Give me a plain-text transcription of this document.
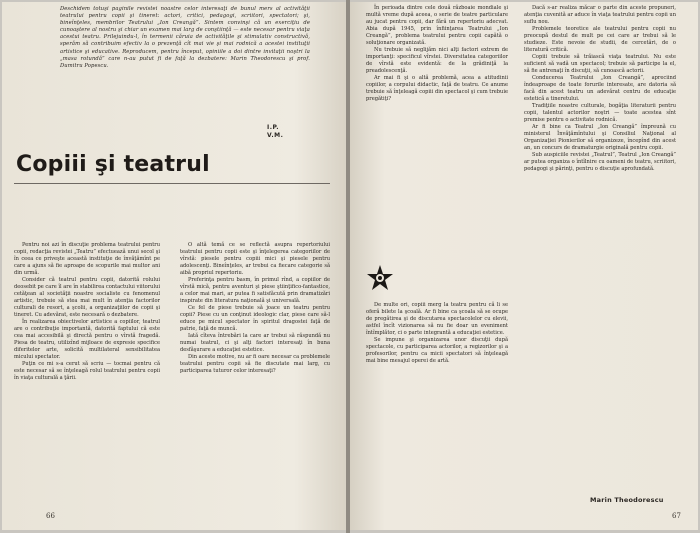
Deschidem totuşi paginile revistei noastre celor interesaţi de bunul mers al activităţii teatrului pentru copii şi tineret: actori, critici, pedagogi, scriitori, spectatori; şi, bineînţeles, membrilor Teatrului „Ion Creangă”. Sintem convinşi că un exerciţiu de cunoaştere al nostru şi chiar un examen mai larg de conştiinţă — este necesar pentru viaţa acestui teatru. Prilejuindu-l, în termenii căruia de activităţile şi stimulativ constructivă, sperăm să contribuim efectiv la o prezenţă cît mai vie şi mai rodnică a acestei instituţii artistice şi educative. Reproducem, pentru început, opiniile a doi dintre invitaţii noştri la „masa rotundă” care n-au putut fi de faţă la dezbatere: Marin Theodorescu şi prof. Dumitru Popescu.

I.P.
V.M.
Copiii şi teatrul

Pentru noi azi în discuţie problema teatrului pentru copii, redacţia revistei „Teatru” efectuează unui secol şi în ceea ce priveşte această instituţie de învăţămînt pe care a ajuns să fie aproape de scopurile mai multor ani din urmă.

Consider că teatrul pentru copii, datorită rolului deosebit pe care îl are în stabilirea contactului viitorului cetăţean al societăţii noastre socialiste cu fenomenul artistic, trebuie să stea mai mult în atenţia factorilor culturali de resort, a şcolii, a organizaţiilor de copii şi tineret. Cu adevărat, este necesară o dezbatere.

În realizarea obiectivelor artistice a copiilor, teatrul are o contribuţie importantă, datorită faptului că este cea mai accesibilă şi directă pentru o vîrstă fragedă. Piesa de teatru, utilizînd mijloace de expresie specifice diferitelor arte, solicită multilateral sensibilitatea micului spectator.

Puţin ce mi s-a cerut să scriu — tocmai pentru că este necesar să se înţeleagă rolul teatrului pentru copii în viaţa culturală a ţării.

O altă temă ce se reflectă asupra repertoriului teatrului pentru copii este şi înţelegerea categoriilor de vîrstă: piesele pentru copiii mici şi piesele pentru adolescenţi. Bineînţeles, ar trebui ca fiecare categorie să aibă propriul repertoriu.

Preferinţa pentru basm, în primul rînd, a copiilor de vîrstă mică, pentru aventuri şi piese ştiinţifico-fantastice, a celor mai mari, ar putea fi satisfăcută prin dramatizări inspirate din literatura naţională şi universală.

Ce fel de piese trebuie să joace un teatru pentru copii? Piese cu un conţinut ideologic clar, piese care să-l educe pe micul spectator în spiritul dragostei faţă de patrie, faţă de muncă.

Iată cîteva întrebări la care ar trebui să răspundă nu numai teatrul, ci şi alţi factori interesaţi în buna desfăşurare a educaţiei estetice.

Din aceste motive, nu ar fi oare necesar ca problemele teatrului pentru copii să fie discutate mai larg, cu participarea tuturor celor interesaţi?

66

În perioada dintre cele două războaie mondiale şi multă vreme după aceea, o serie de teatre particulare au jucat pentru copii, dar fără un repertoriu adecvat. Abia după 1945, prin înfiinţarea Teatrului „Ion Creangă”, problema teatrului pentru copii capătă o soluţionare organizată.

Nu trebuie să neglijăm nici alţi factori extrem de importanţi: specificul vîrstei. Diversitatea categoriilor de vîrstă este evidentă: de la grădiniţă la preadolescenţă.

Ar mai fi şi o altă problemă, acea a atitudinii copiilor, a corpului didactic, faţă de teatru. Ce anume trebuie să înţeleagă copiii din spectacol şi cum trebuie pregătiţi?

De multe ori, copiii merg la teatru pentru că li se oferă bilete la şcoală. Ar fi bine ca şcoala să se ocupe de pregătirea şi de discutarea spectacolelor cu elevii, astfel încît vizionarea să nu fie doar un eveniment întîmplător, ci o parte integrantă a educaţiei estetice.

Se impune şi organizarea unor discuţii după spectacole, cu participarea actorilor, a regizorilor şi a profesorilor, pentru ca micii spectatori să înţeleagă mai bine mesajul operei de artă.

Dacă s-ar realiza măcar o parte din aceste propuneri, atenţia cuvenită ar aduce în viaţa teatrului pentru copii un suflu nou.

Problemele teoretice ale teatrului pentru copii nu preocupă destul de mult pe cei care ar trebui să le studieze. Este nevoie de studii, de cercetări, de o literatură critică.

Copiii trebuie să trăiască viaţa teatrului. Nu este suficient să vadă un spectacol; trebuie să participe la el, să fie antrenaţi în discuţii, să cunoască actorii.

Conducerea Teatrului „Ion Creangă”, apreciind îndeaproape de toate forurile interesate, are datoria să facă din acest teatru un adevărat centru de educaţie estetică a tineretului.

Tradiţiile noastre culturale, bogăţia literaturii pentru copii, talentul actorilor noştri — toate acestea sînt premise pentru o activitate rodnică.

Ar fi bine ca Teatrul „Ion Creangă” împreună cu ministerul Învăţămîntului şi Consiliul Naţional al Organizaţiei Pionierilor să organizeze, începînd din acest an, un concurs de dramaturgie originală pentru copii.

Sub auspiciile revistei „Teatrul”, Teatrul „Ion Creangă” ar putea organiza o întîlnire cu oameni de teatru, scriitori, pedagogi şi părinţi, pentru o discuţie aprofundată.

Marin Theodorescu
67
